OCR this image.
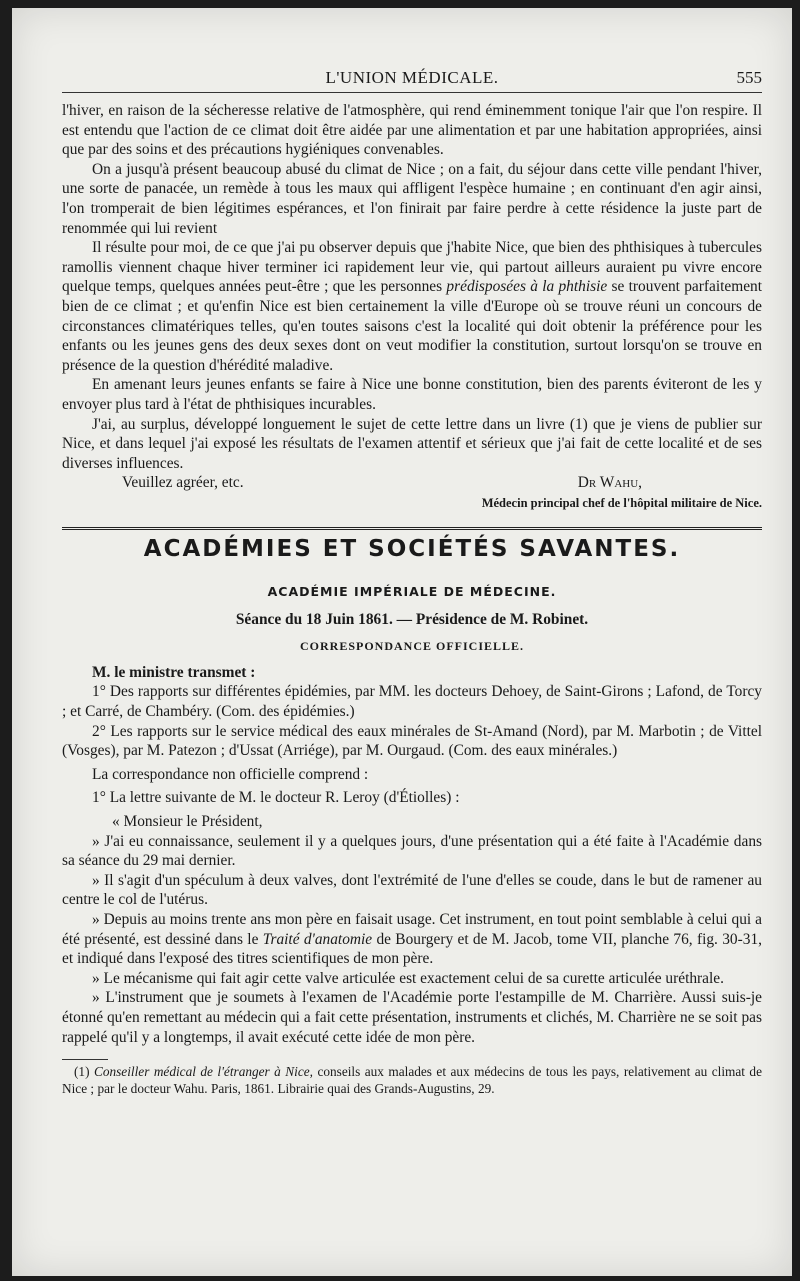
L'UNION MÉDICALE.	555

l'hiver, en raison de la sécheresse relative de l'atmosphère, qui rend éminemment tonique l'air que l'on respire. Il est entendu que l'action de ce climat doit être aidée par une alimentation et par une habitation appropriées, ainsi que par des soins et des précautions hygiéniques convenables.

On a jusqu'à présent beaucoup abusé du climat de Nice ; on a fait, du séjour dans cette ville pendant l'hiver, une sorte de panacée, un remède à tous les maux qui affligent l'espèce humaine ; en continuant d'en agir ainsi, l'on tromperait de bien légitimes espérances, et l'on finirait par faire perdre à cette résidence la juste part de renommée qui lui revient

Il résulte pour moi, de ce que j'ai pu observer depuis que j'habite Nice, que bien des phthisiques à tubercules ramollis viennent chaque hiver terminer ici rapidement leur vie, qui partout ailleurs auraient pu vivre encore quelque temps, quelques années peut-être ; que les personnes prédisposées à la phthisie se trouvent parfaitement bien de ce climat ; et qu'enfin Nice est bien certainement la ville d'Europe où se trouve réuni un concours de circonstances climatériques telles, qu'en toutes saisons c'est la localité qui doit obtenir la préférence pour les enfants ou les jeunes gens des deux sexes dont on veut modifier la constitution, surtout lorsqu'on se trouve en présence de la question d'hérédité maladive.

En amenant leurs jeunes enfants se faire à Nice une bonne constitution, bien des parents éviteront de les y envoyer plus tard à l'état de phthisiques incurables.

J'ai, au surplus, développé longuement le sujet de cette lettre dans un livre (1) que je viens de publier sur Nice, et dans lequel j'ai exposé les résultats de l'examen attentif et sérieux que j'ai fait de cette localité et de ses diverses influences.

Veuillez agréer, etc.	Dr Wahu,
Médecin principal chef de l'hôpital militaire de Nice.
ACADÉMIES ET SOCIÉTÉS SAVANTES.
ACADÉMIE IMPÉRIALE DE MÉDECINE.
Séance du 18 Juin 1861. — Présidence de M. Robinet.
CORRESPONDANCE OFFICIELLE.

M. le ministre transmet :

1° Des rapports sur différentes épidémies, par MM. les docteurs Dehoey, de Saint-Girons ; Lafond, de Torcy ; et Carré, de Chambéry. (Com. des épidémies.)

2° Les rapports sur le service médical des eaux minérales de St-Amand (Nord), par M. Marbotin ; de Vittel (Vosges), par M. Patezon ; d'Ussat (Arriége), par M. Ourgaud. (Com. des eaux minérales.)

La correspondance non officielle comprend :

1° La lettre suivante de M. le docteur R. Leroy (d'Étiolles) :

« Monsieur le Président,

» J'ai eu connaissance, seulement il y a quelques jours, d'une présentation qui a été faite à l'Académie dans sa séance du 29 mai dernier.

» Il s'agit d'un spéculum à deux valves, dont l'extrémité de l'une d'elles se coude, dans le but de ramener au centre le col de l'utérus.

» Depuis au moins trente ans mon père en faisait usage. Cet instrument, en tout point semblable à celui qui a été présenté, est dessiné dans le Traité d'anatomie de Bourgery et de M. Jacob, tome VII, planche 76, fig. 30-31, et indiqué dans l'exposé des titres scientifiques de mon père.

» Le mécanisme qui fait agir cette valve articulée est exactement celui de sa curette articulée uréthrale.

» L'instrument que je soumets à l'examen de l'Académie porte l'estampille de M. Charrière. Aussi suis-je étonné qu'en remettant au médecin qui a fait cette présentation, instruments et clichés, M. Charrière ne se soit pas rappelé qu'il y a longtemps, il avait exécuté cette idée de mon père.

(1) Conseiller médical de l'étranger à Nice, conseils aux malades et aux médecins de tous les pays, relativement au climat de Nice ; par le docteur Wahu. Paris, 1861. Librairie quai des Grands-Augustins, 29.
